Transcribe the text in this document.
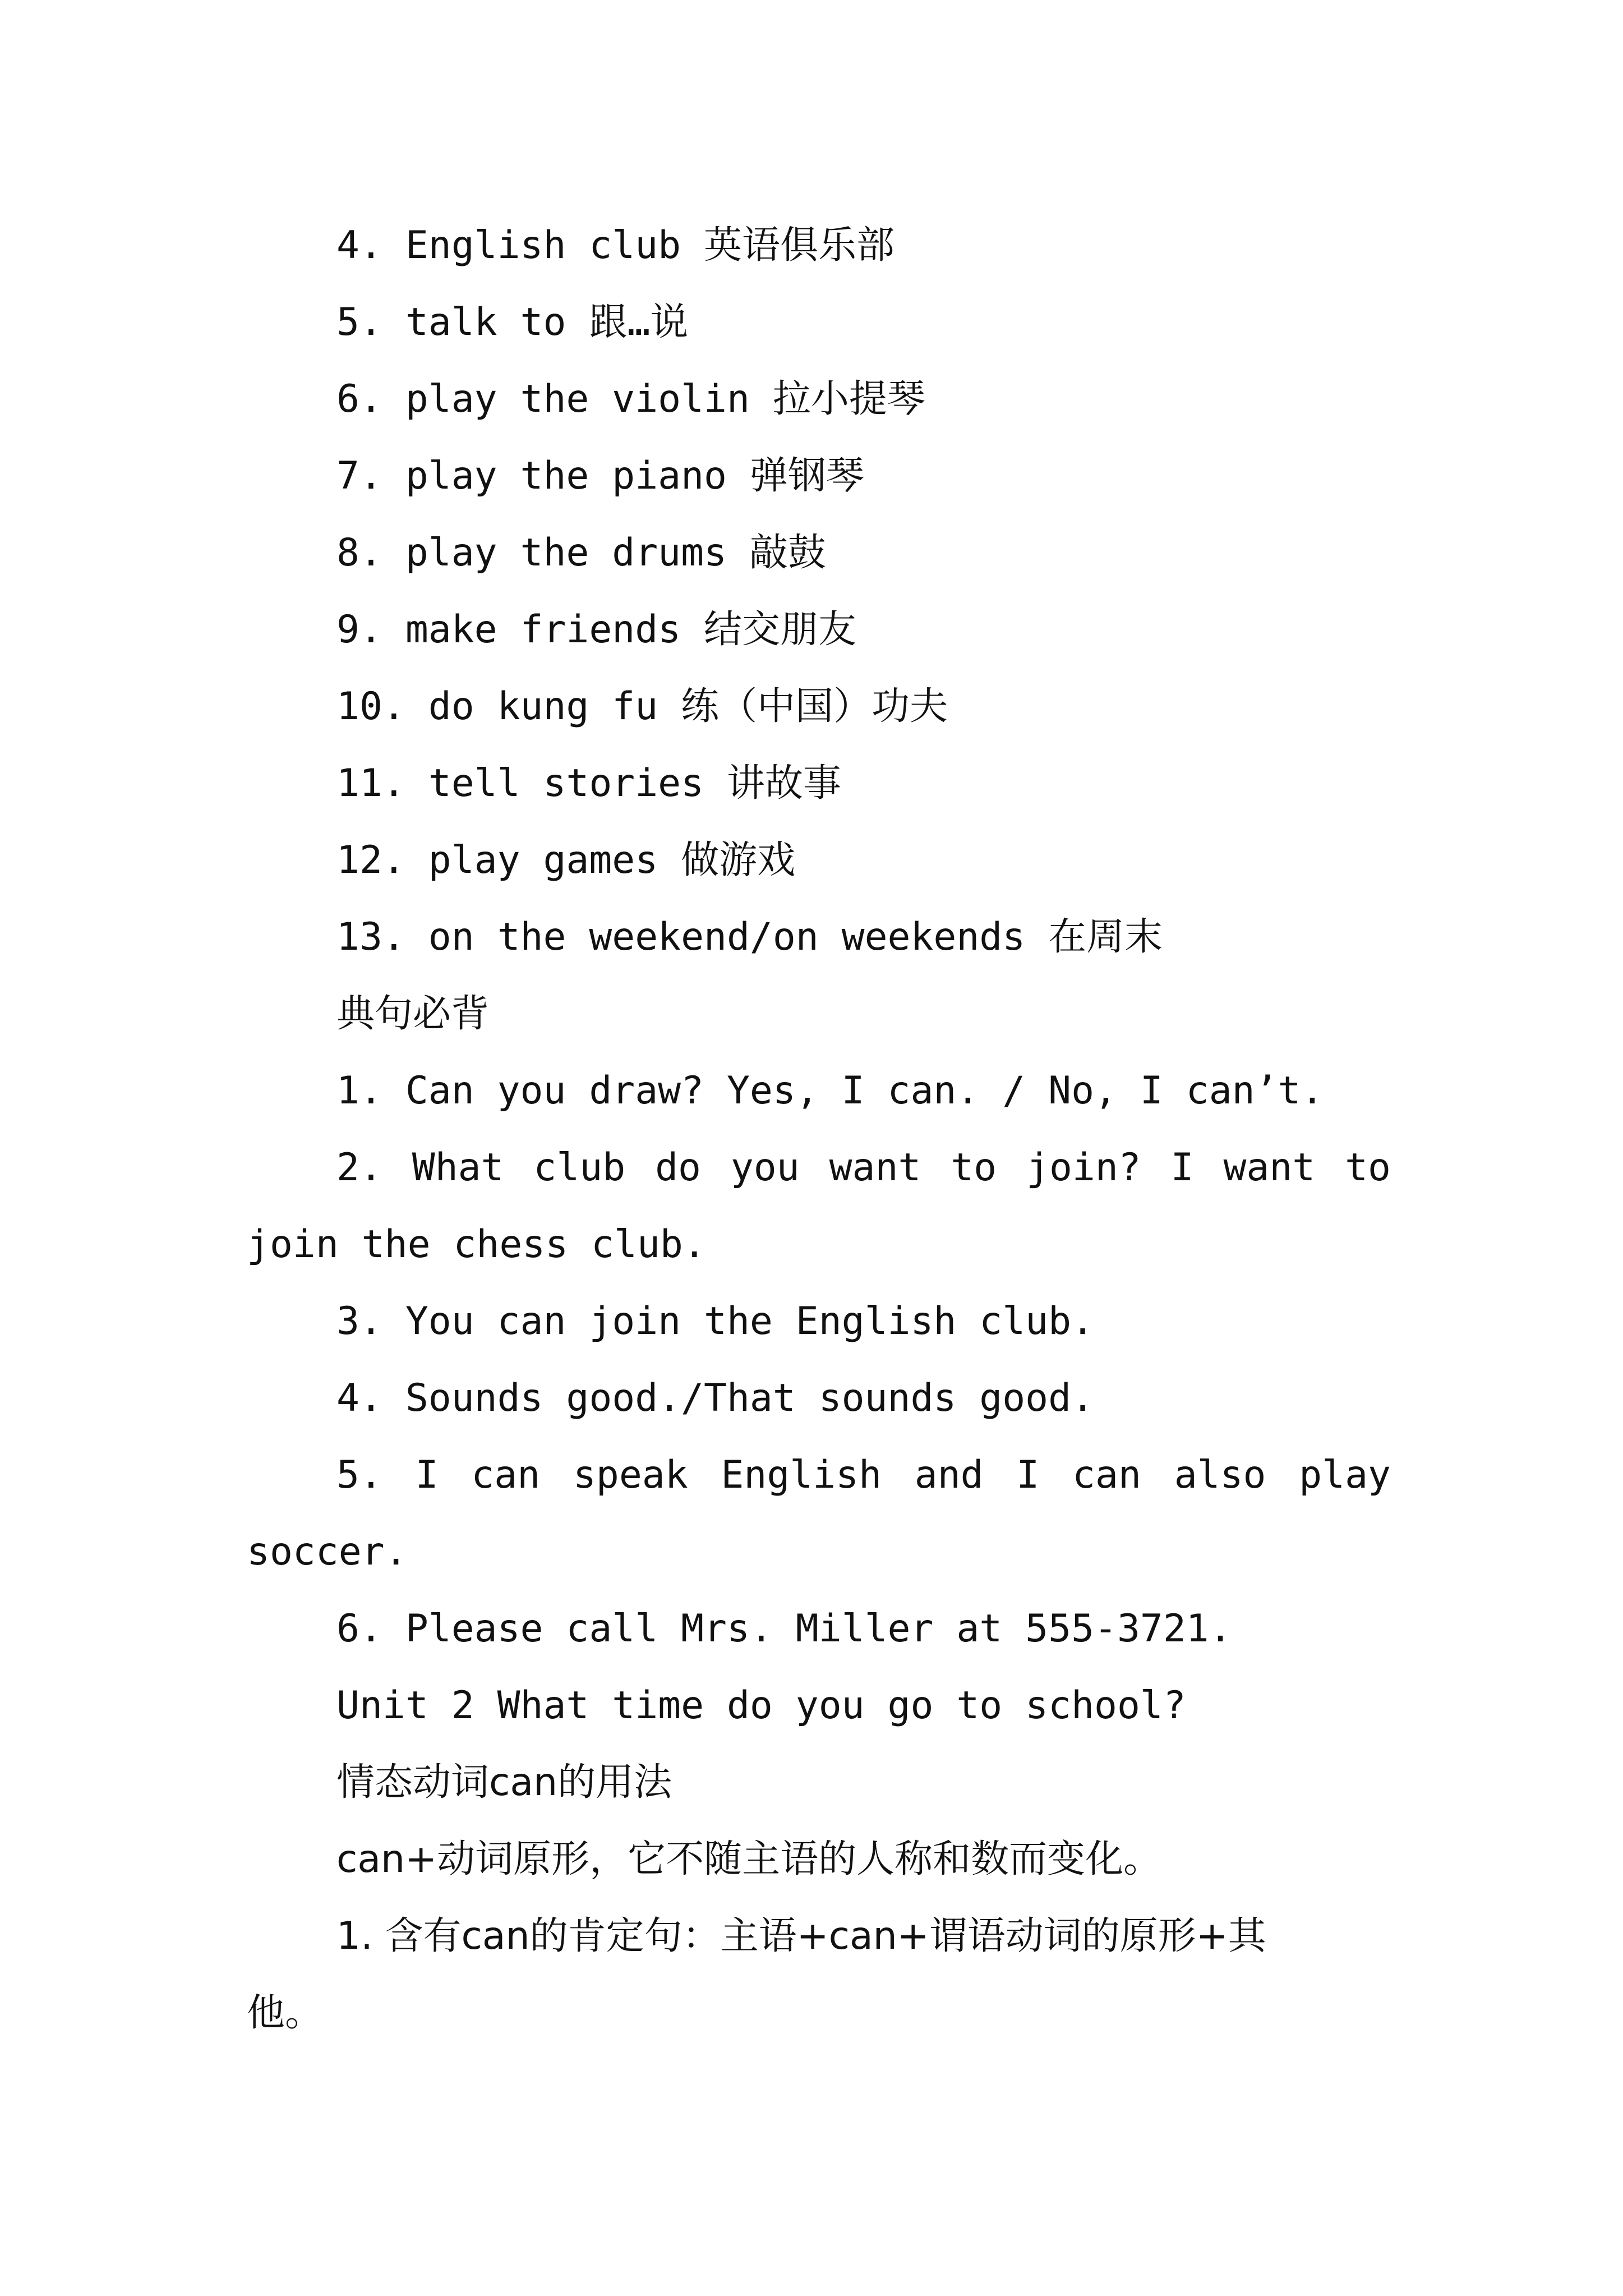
4. English club 英语俱乐部
5. talk to 跟…说
6. play the violin 拉小提琴
7. play the piano 弹钢琴
8. play the drums 敲鼓
9. make friends 结交朋友
10. do kung fu 练（中国）功夫
11. tell stories 讲故事
12. play games 做游戏
13. on the weekend/on weekends 在周末
典句必背
1. Can you draw? Yes, I can. / No, I can’t.
2. What club do you want to join? I want to
join the chess club.
3. You can join the English club.
4. Sounds good./That sounds good.
5. I can speak English and I can also play
soccer.
6. Please call Mrs. Miller at 555-3721.
Unit 2 What time do you go to school?
情态动词can的用法
can+动词原形，它不随主语的人称和数而变化。
1. 含有can的肯定句：主语+can+谓语动词的原形+其
他。
